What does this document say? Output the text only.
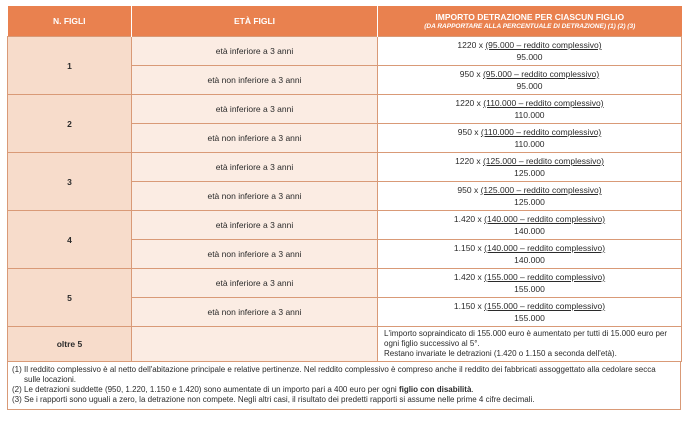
N. FIGLI	ETÀ FIGLI	IMPORTO DETRAZIONE PER CIASCUN FIGLIO
(DA RAPPORTARE ALLA PERCENTUALE DI DETRAZIONE) (1) (2) (3)

1	età inferiore a 3 anni	1220 x (95.000 – reddito complessivo)
95.000

	età non inferiore a 3 anni	950 x (95.000 – reddito complessivo)
95.000

2	età inferiore a 3 anni	1220 x (110.000 – reddito complessivo)
110.000

	età non inferiore a 3 anni	950 x (110.000 – reddito complessivo)
110.000

3	età inferiore a 3 anni	1220 x (125.000 – reddito complessivo)
125.000

	età non inferiore a 3 anni	950 x (125.000 – reddito complessivo)
125.000

4	età inferiore a 3 anni	1.420 x (140.000 – reddito complessivo)
140.000

	età non inferiore a 3 anni	1.150 x (140.000 – reddito complessivo)
140.000

5	età inferiore a 3 anni	1.420 x (155.000 – reddito complessivo)
155.000

	età non inferiore a 3 anni	1.150 x (155.000 – reddito complessivo)
155.000

oltre 5		L'importo sopraindicato di 155.000 euro è aumentato per tutti di 15.000 euro per ogni figlio successivo al 5°.
Restano invariate le detrazioni (1.420 o 1.150 a seconda dell'età).
(1) Il reddito complessivo è al netto dell'abitazione principale e relative pertinenze. Nel reddito complessivo è compreso anche il reddito dei fabbricati assoggettato alla cedolare secca sulle locazioni.
(2) Le detrazioni suddette (950, 1.220, 1.150 e 1.420) sono aumentate di un importo pari a 400 euro per ogni figlio con disabilità.
(3) Se i rapporti sono uguali a zero, la detrazione non compete. Negli altri casi, il risultato dei predetti rapporti si assume nelle prime 4 cifre decimali.
